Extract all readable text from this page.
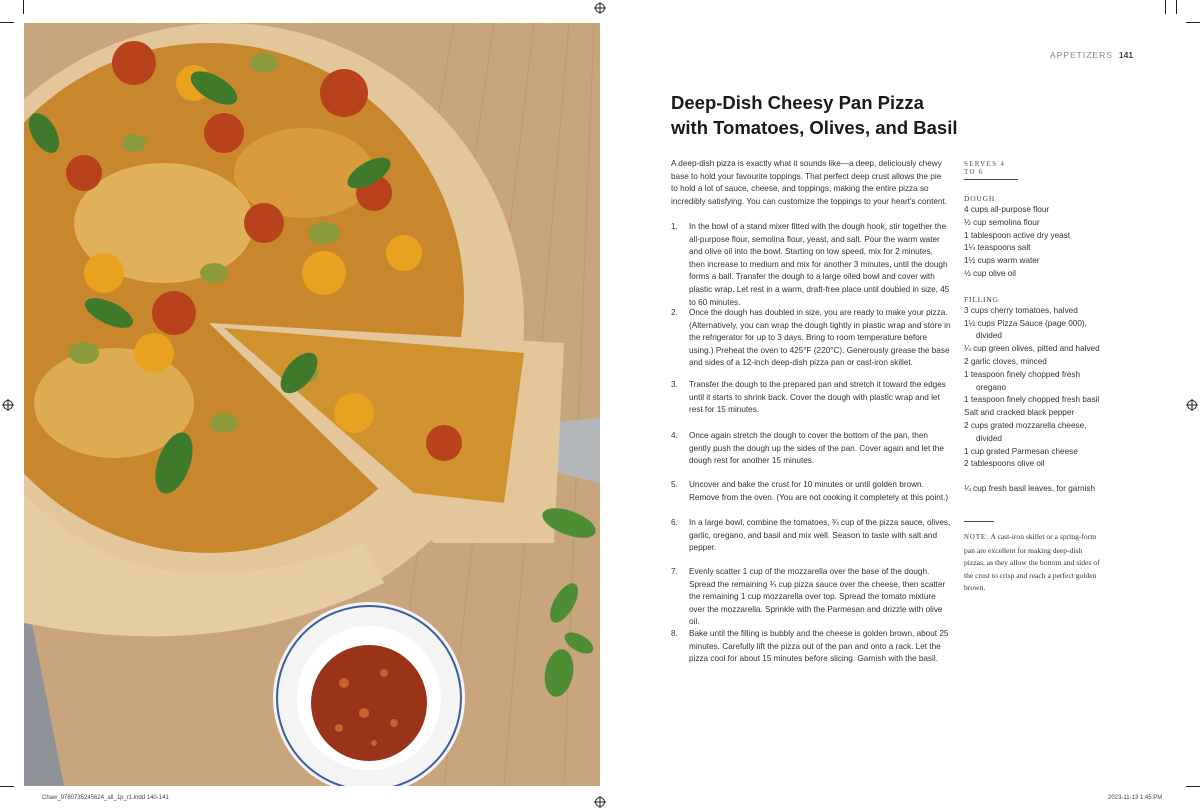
APPETIZERS 141
Deep-Dish Cheesy Pan Pizza
with Tomatoes, Olives, and Basil

A deep-dish pizza is exactly what it sounds like—a deep, deliciously chewy base to hold your favourite toppings. That perfect deep crust allows the pie to hold a lot of sauce, cheese, and toppings, making the entire pizza so incredibly satisfying. You can customize the toppings to your heart's content.

1.	In the bowl of a stand mixer fitted with the dough hook, stir together the all-purpose flour, semolina flour, yeast, and salt. Pour the warm water and olive oil into the bowl. Starting on low speed, mix for 2 minutes, then increase to medium and mix for another 3 minutes, until the dough forms a ball. Transfer the dough to a large oiled bowl and cover with plastic wrap. Let rest in a warm, draft-free place until doubled in size, 45 to 60 minutes.
2.	Once the dough has doubled in size, you are ready to make your pizza. (Alternatively, you can wrap the dough tightly in plastic wrap and store in the refrigerator for up to 3 days. Bring to room temperature before using.) Preheat the oven to 425°F (220°C). Generously grease the base and sides of a 12-inch deep-dish pizza pan or cast-iron skillet.
3.	Transfer the dough to the prepared pan and stretch it toward the edges until it starts to shrink back. Cover the dough with plastic wrap and let rest for 15 minutes.
4.	Once again stretch the dough to cover the bottom of the pan, then gently push the dough up the sides of the pan. Cover again and let the dough rest for another 15 minutes.
5.	Uncover and bake the crust for 10 minutes or until golden brown. Remove from the oven. (You are not cooking it completely at this point.)
6.	In a large bowl, combine the tomatoes, ¾ cup of the pizza sauce, olives, garlic, oregano, and basil and mix well. Season to taste with salt and pepper.
7.	Evenly scatter 1 cup of the mozzarella over the base of the dough. Spread the remaining ¾ cup pizza sauce over the cheese, then scatter the remaining 1 cup mozzarella over top. Spread the tomato mixture over the mozzarella. Sprinkle with the Parmesan and drizzle with olive oil.
8.	Bake until the filling is bubbly and the cheese is golden brown, about 25 minutes. Carefully lift the pizza out of the pan and onto a rack. Let the pizza cool for about 15 minutes before slicing. Garnish with the basil.
SERVES 4 TO 6
DOUGH
4 cups all-purpose flour
½ cup semolina flour
1 tablespoon active dry yeast
1¼ teaspoons salt
1½ cups warm water
½ cup olive oil
FILLING
3 cups cherry tomatoes, halved
1½ cups Pizza Sauce (page 000),
divided
¼ cup green olives, pitted and halved
2 garlic cloves, minced
1 teaspoon finely chopped fresh
oregano
1 teaspoon finely chopped fresh basil
Salt and cracked black pepper
2 cups grated mozzarella cheese,
divided
1 cup grated Parmesan cheese
2 tablespoons olive oil
¼ cup fresh basil leaves, for garnish
NOTE: A cast-iron skillet or a spring-form pan are excellent for making deep-dish pizzas, as they allow the bottom and sides of the crust to crisp and reach a perfect golden brown.
Chaw_9780735245624_all_1p_r1.indd 140-141	2023-11-13 1:45 PM
